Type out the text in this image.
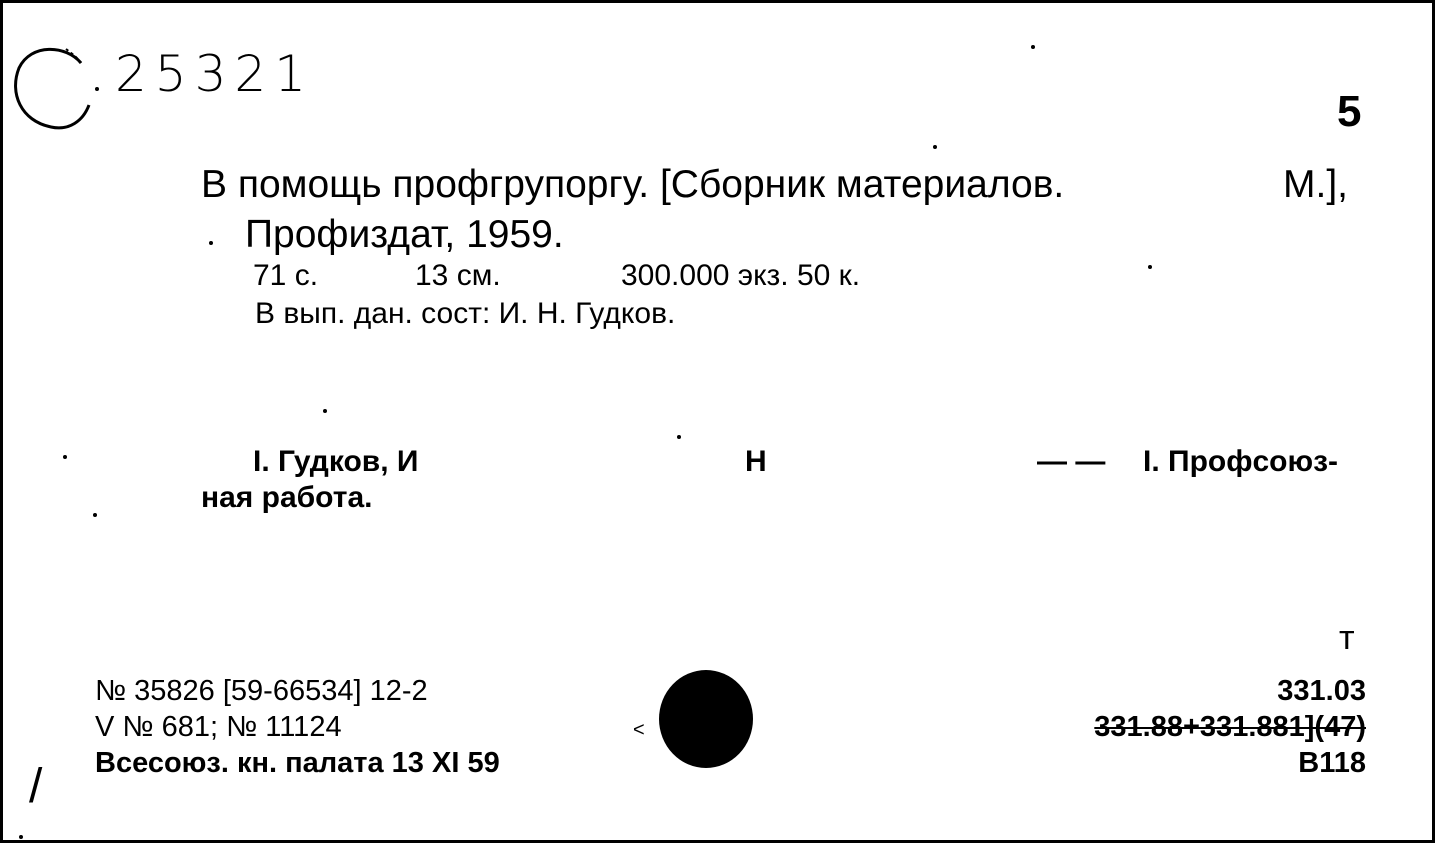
25321
5
В помощь профгрупоргу. [Сборник материалов.	М.],
Профиздат, 1959.
71 с.	13 см.	300.000 экз. 50 к.
В вып. дан. сост: И. Н. Гудков.
I. Гудков, И	Н	— — I. Профсоюз-
ная работа.
№ 35826 [59-66534] 12-2
V № 681; № 11124
Всесоюз. кн. палата 13 XI 59
<
т
331.03
331.88+331.881](47)
В118
/
